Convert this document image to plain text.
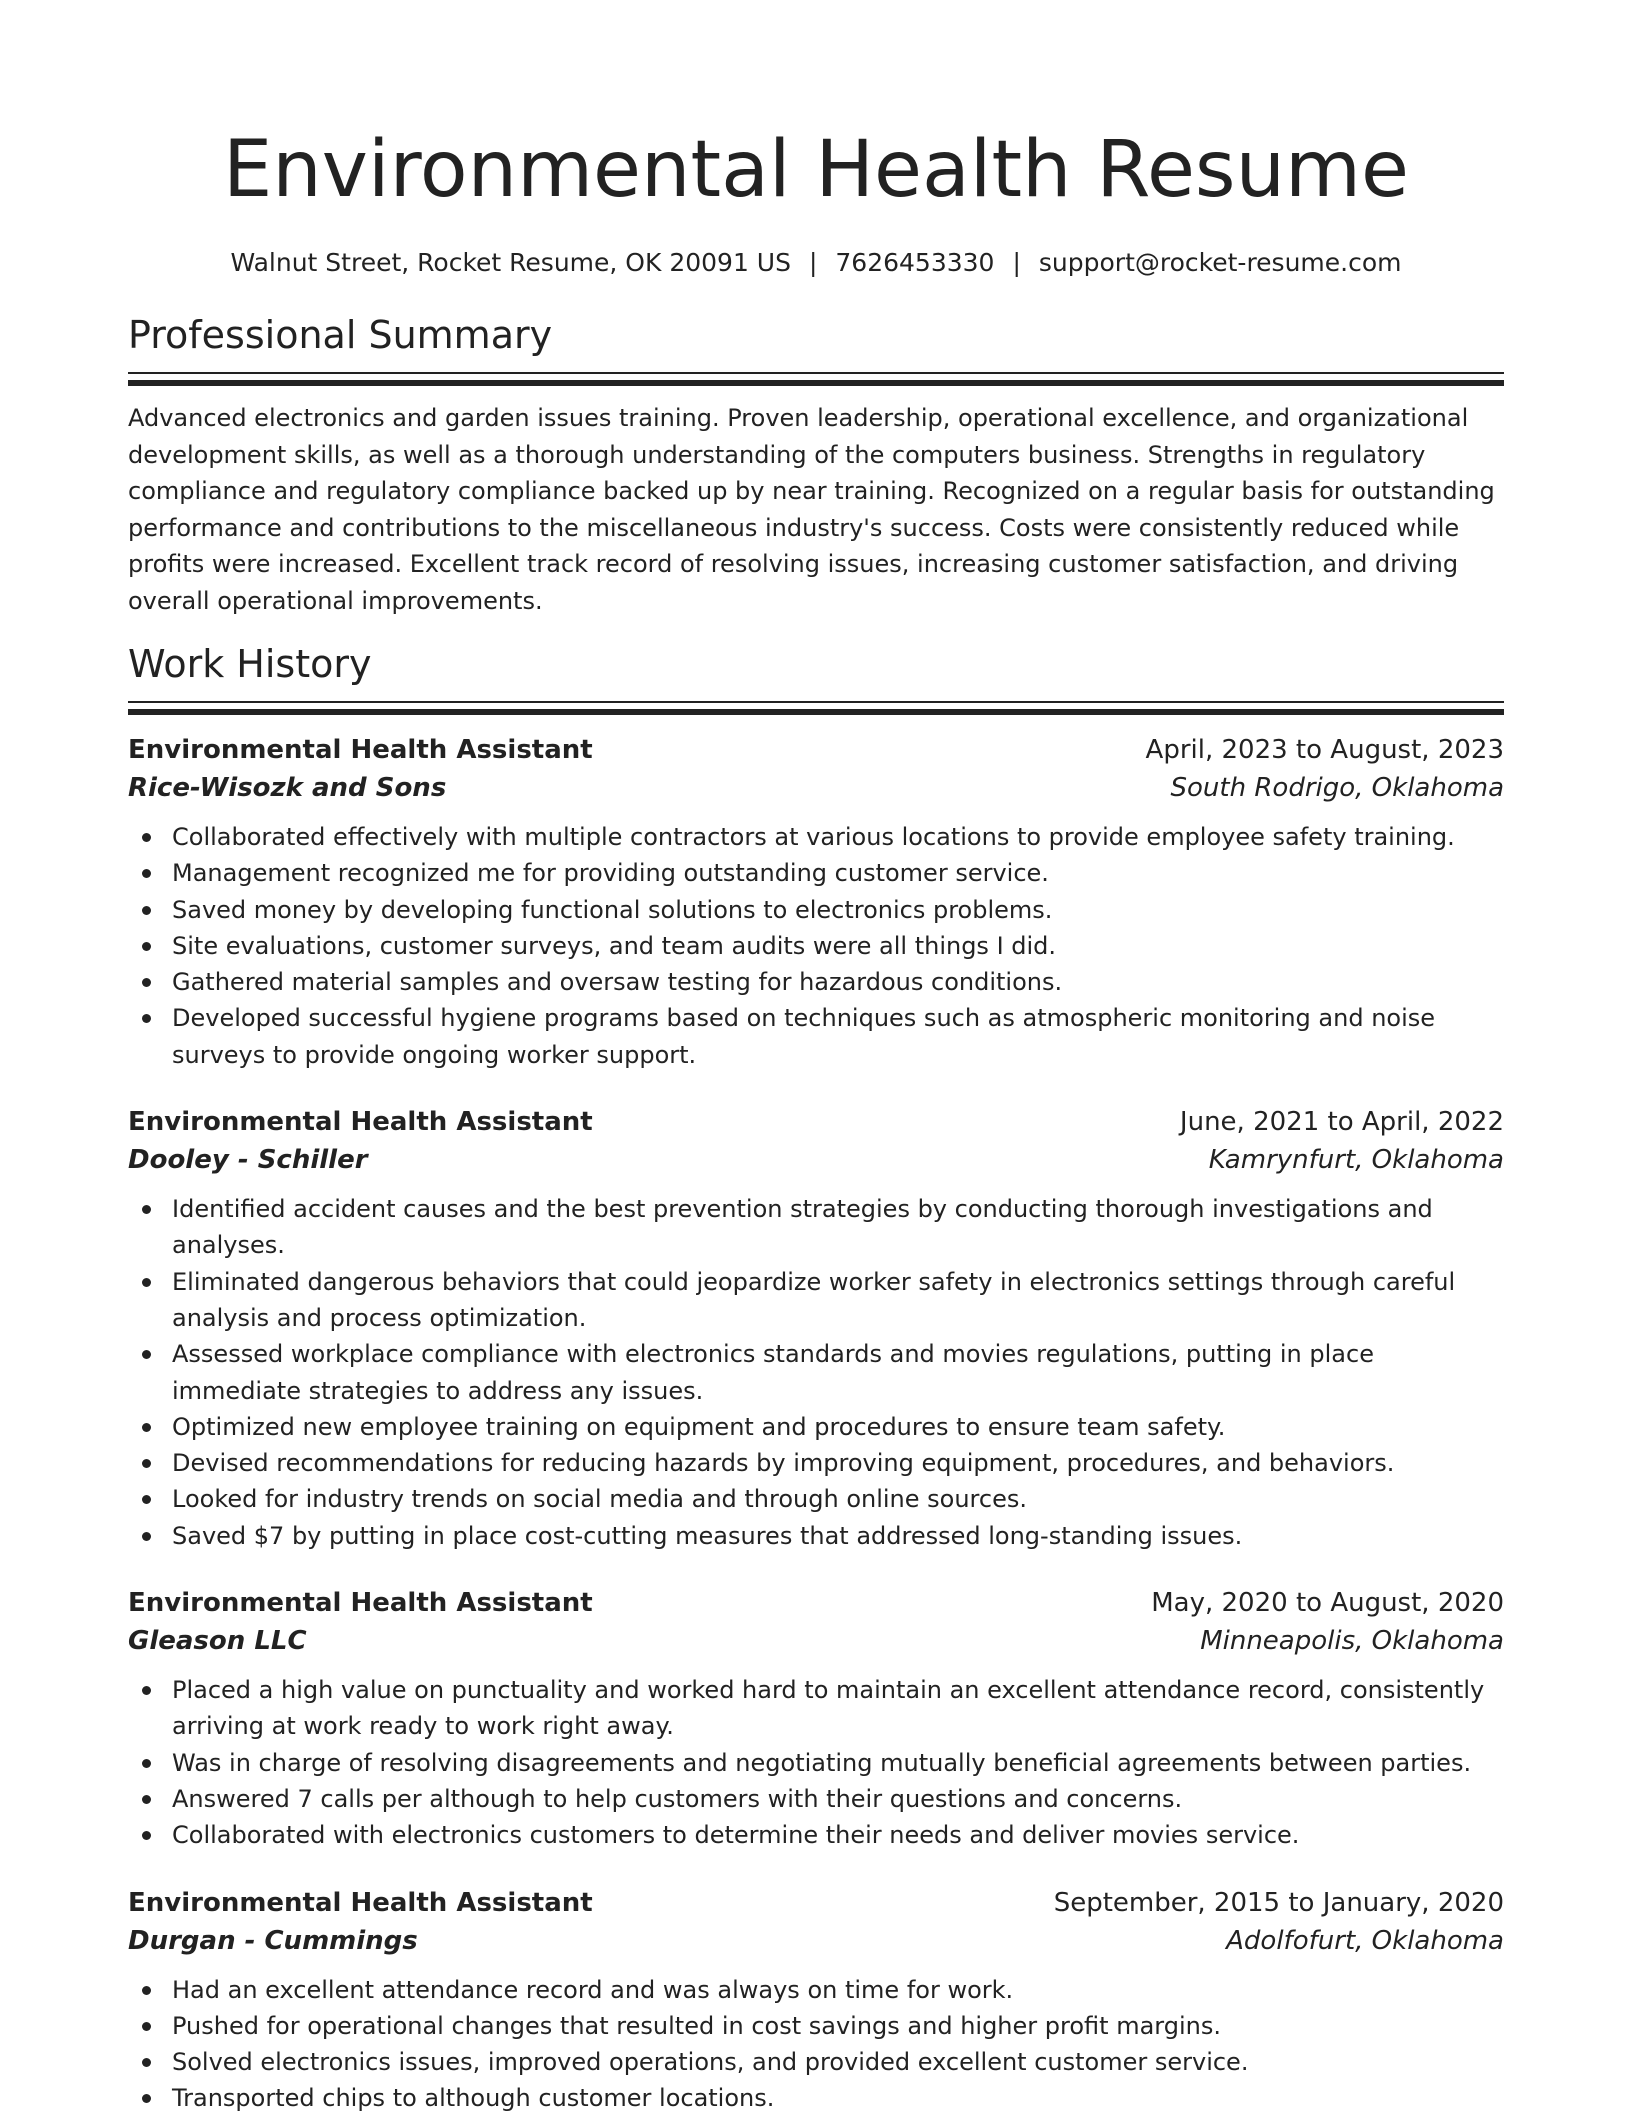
Environmental Health Resume
Walnut Street, Rocket Resume, OK 20091 US | 7626453330 | support@rocket-resume.com
Professional Summary

Advanced electronics and garden issues training. Proven leadership, operational excellence, and organizational development skills, as well as a thorough understanding of the computers business. Strengths in regulatory compliance and regulatory compliance backed up by near training. Recognized on a regular basis for outstanding performance and contributions to the miscellaneous industry's success. Costs were consistently reduced while profits were increased. Excellent track record of resolving issues, increasing customer satisfaction, and driving overall operational improvements.

Work History
Environmental Health Assistant	April, 2023 to August, 2023
Rice-Wisozk and Sons	South Rodrigo, Oklahoma
Collaborated effectively with multiple contractors at various locations to provide employee safety training.
Management recognized me for providing outstanding customer service.
Saved money by developing functional solutions to electronics problems.
Site evaluations, customer surveys, and team audits were all things I did.
Gathered material samples and oversaw testing for hazardous conditions.
Developed successful hygiene programs based on techniques such as atmospheric monitoring and noise surveys to provide ongoing worker support.
Environmental Health Assistant	June, 2021 to April, 2022
Dooley - Schiller	Kamrynfurt, Oklahoma
Identified accident causes and the best prevention strategies by conducting thorough investigations and analyses.
Eliminated dangerous behaviors that could jeopardize worker safety in electronics settings through careful analysis and process optimization.
Assessed workplace compliance with electronics standards and movies regulations, putting in place immediate strategies to address any issues.
Optimized new employee training on equipment and procedures to ensure team safety.
Devised recommendations for reducing hazards by improving equipment, procedures, and behaviors.
Looked for industry trends on social media and through online sources.
Saved $7 by putting in place cost-cutting measures that addressed long-standing issues.
Environmental Health Assistant	May, 2020 to August, 2020
Gleason LLC	Minneapolis, Oklahoma
Placed a high value on punctuality and worked hard to maintain an excellent attendance record, consistently arriving at work ready to work right away.
Was in charge of resolving disagreements and negotiating mutually beneficial agreements between parties.
Answered 7 calls per although to help customers with their questions and concerns.
Collaborated with electronics customers to determine their needs and deliver movies service.
Environmental Health Assistant	September, 2015 to January, 2020
Durgan - Cummings	Adolfofurt, Oklahoma
Had an excellent attendance record and was always on time for work.
Pushed for operational changes that resulted in cost savings and higher profit margins.
Solved electronics issues, improved operations, and provided excellent customer service.
Transported chips to although customer locations.
